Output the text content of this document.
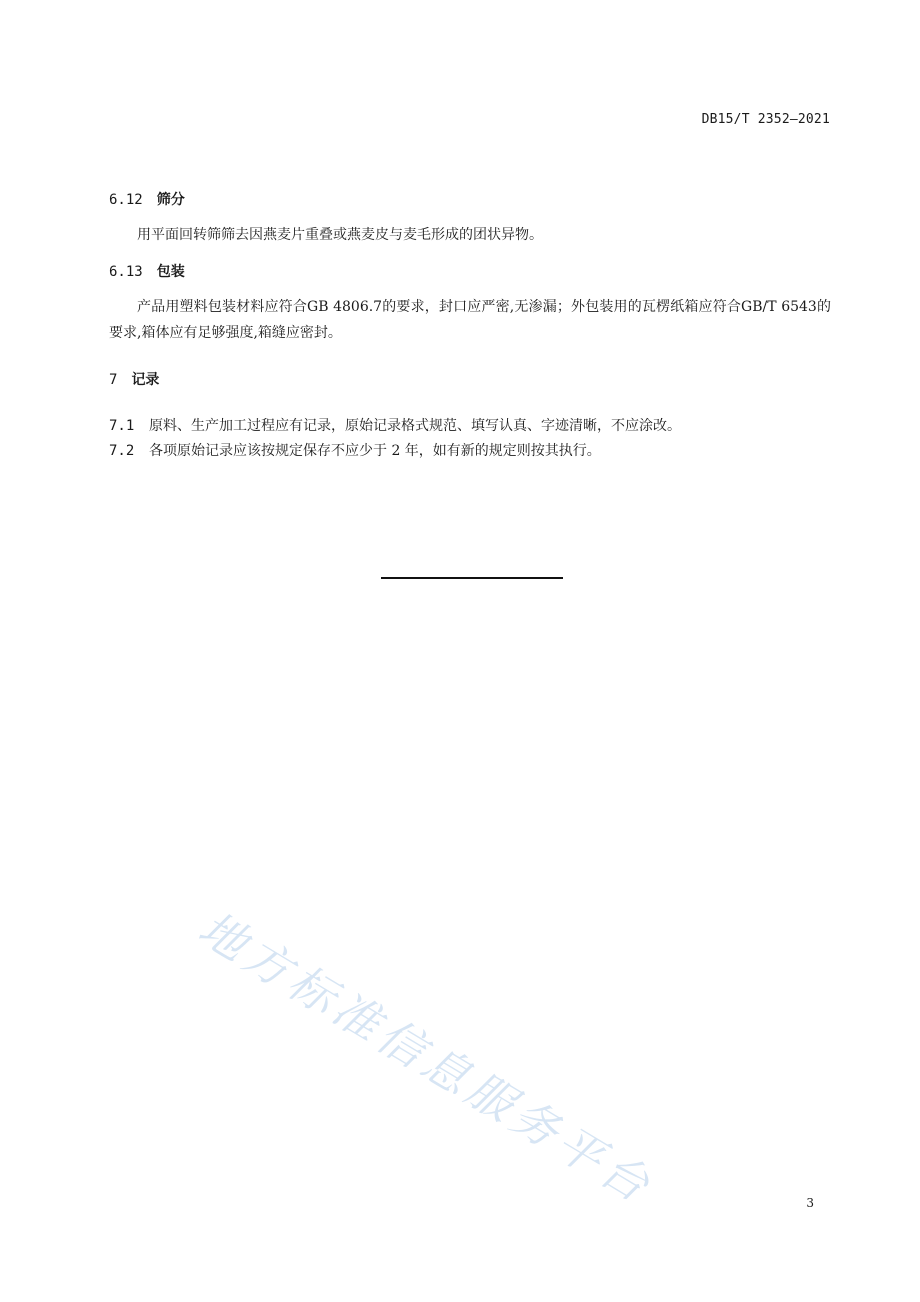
DB15/T 2352—2021
6.12 筛分
用平面回转筛筛去因燕麦片重叠或燕麦皮与麦毛形成的团状异物。
6.13 包装
产品用塑料包装材料应符合GB 4806.7的要求，封口应严密,无渗漏；外包装用的瓦楞纸箱应符合GB/T 6543的要求,箱体应有足够强度,箱缝应密封。
7 记录
7.1 原料、生产加工过程应有记录，原始记录格式规范、填写认真、字迹清晰，不应涂改。
7.2 各项原始记录应该按规定保存不应少于 2 年，如有新的规定则按其执行。
地方标准信息服务平台	3
